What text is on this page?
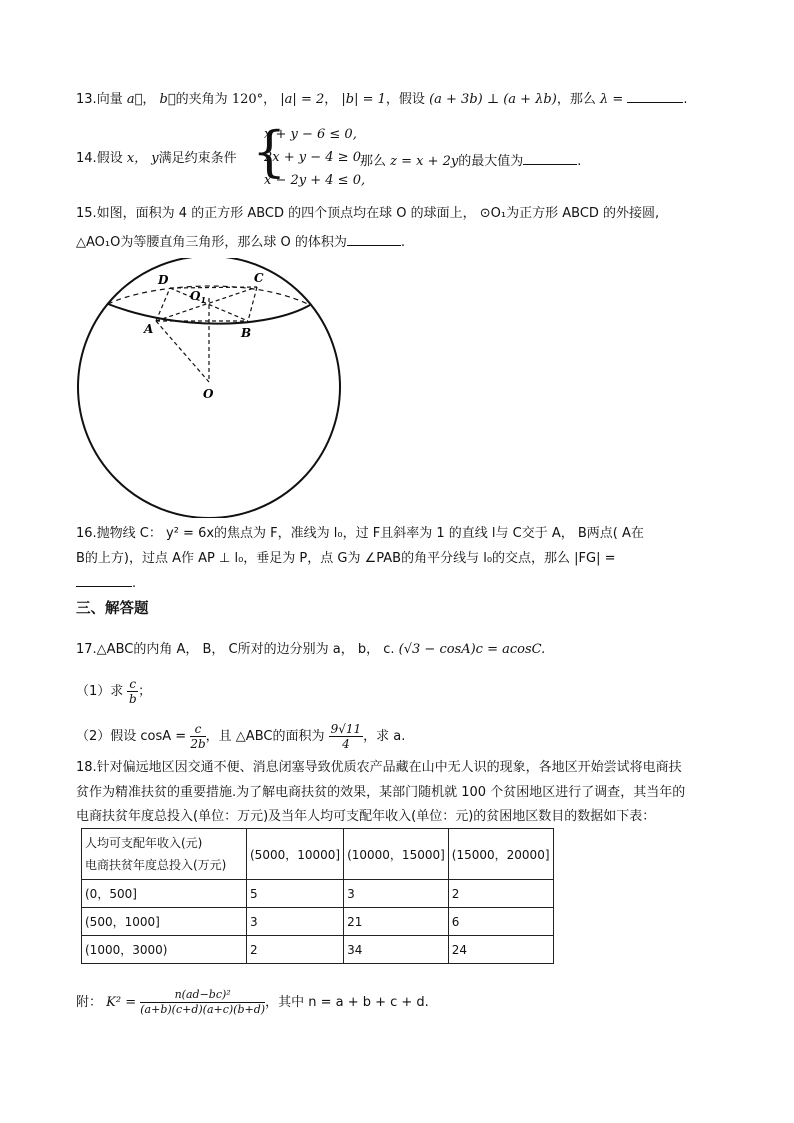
13.向量 a⃗， b⃗的夹角为 120°， |a| = 2， |b| = 1，假设 (a + 3b) ⊥ (a + λb)，那么 λ =	.
14.假设 x， y满足约束条件 {
x + y − 6 ≤ 0,
2x + y − 4 ≥ 0,
x − 2y + 4 ≤ 0,
那么 z = x + 2y的最大值为	.
15.如图，面积为 4 的正方形 ABCD 的四个顶点均在球 O 的球面上， ⊙O₁为正方形 ABCD 的外接圆,
△AO₁O为等腰直角三角形，那么球 O 的体积为	.
D	C
$O_1$
A	B
O
16.抛物线 C： y² = 6x的焦点为 F，准线为 l₀，过 F且斜率为 1 的直线 l与 C交于 A， B两点( A在
B的上方)，过点 A作 AP ⊥ l₀，垂足为 P，点 G为 ∠PAB的角平分线与 l₀的交点，那么 |FG| =
.
三、解答题
17.△ABC的内角 A， B， C所对的边分别为 a， b， c. (√3 − cosA)c = acosC.
（1）求 $\frac{c}{b}$ ；
（2）假设 $\cos A = \frac{c}{2b}$ ，且 △ABC的面积为 $\frac{9√11}{4}$ ，求 a.
18.针对偏远地区因交通不便、消息闭塞导致优质农产品藏在山中无人识的现象，各地区开始尝试将电商扶
贫作为精准扶贫的重要措施.为了解电商扶贫的效果，某部门随机就 100 个贫困地区进行了调查，其当年的
电商扶贫年度总投入(单位：万元)及当年人均可支配年收入(单位：元)的贫困地区数目的数据如下表：
人均可支配年收入(元)
电商扶贫年度总投入(万元)	(5000，10000]	(10000，15000]	(15000，20000]
(0，500]	5	3	2
(500，1000]	3	21	6
(1000，3000)	2	34	24
附： $K^2 = \frac{\text{n(ad−bc)²}}{(a+b)(c+d)(a+c)(b+d)}$ ，其中 n = a + b + c + d.
